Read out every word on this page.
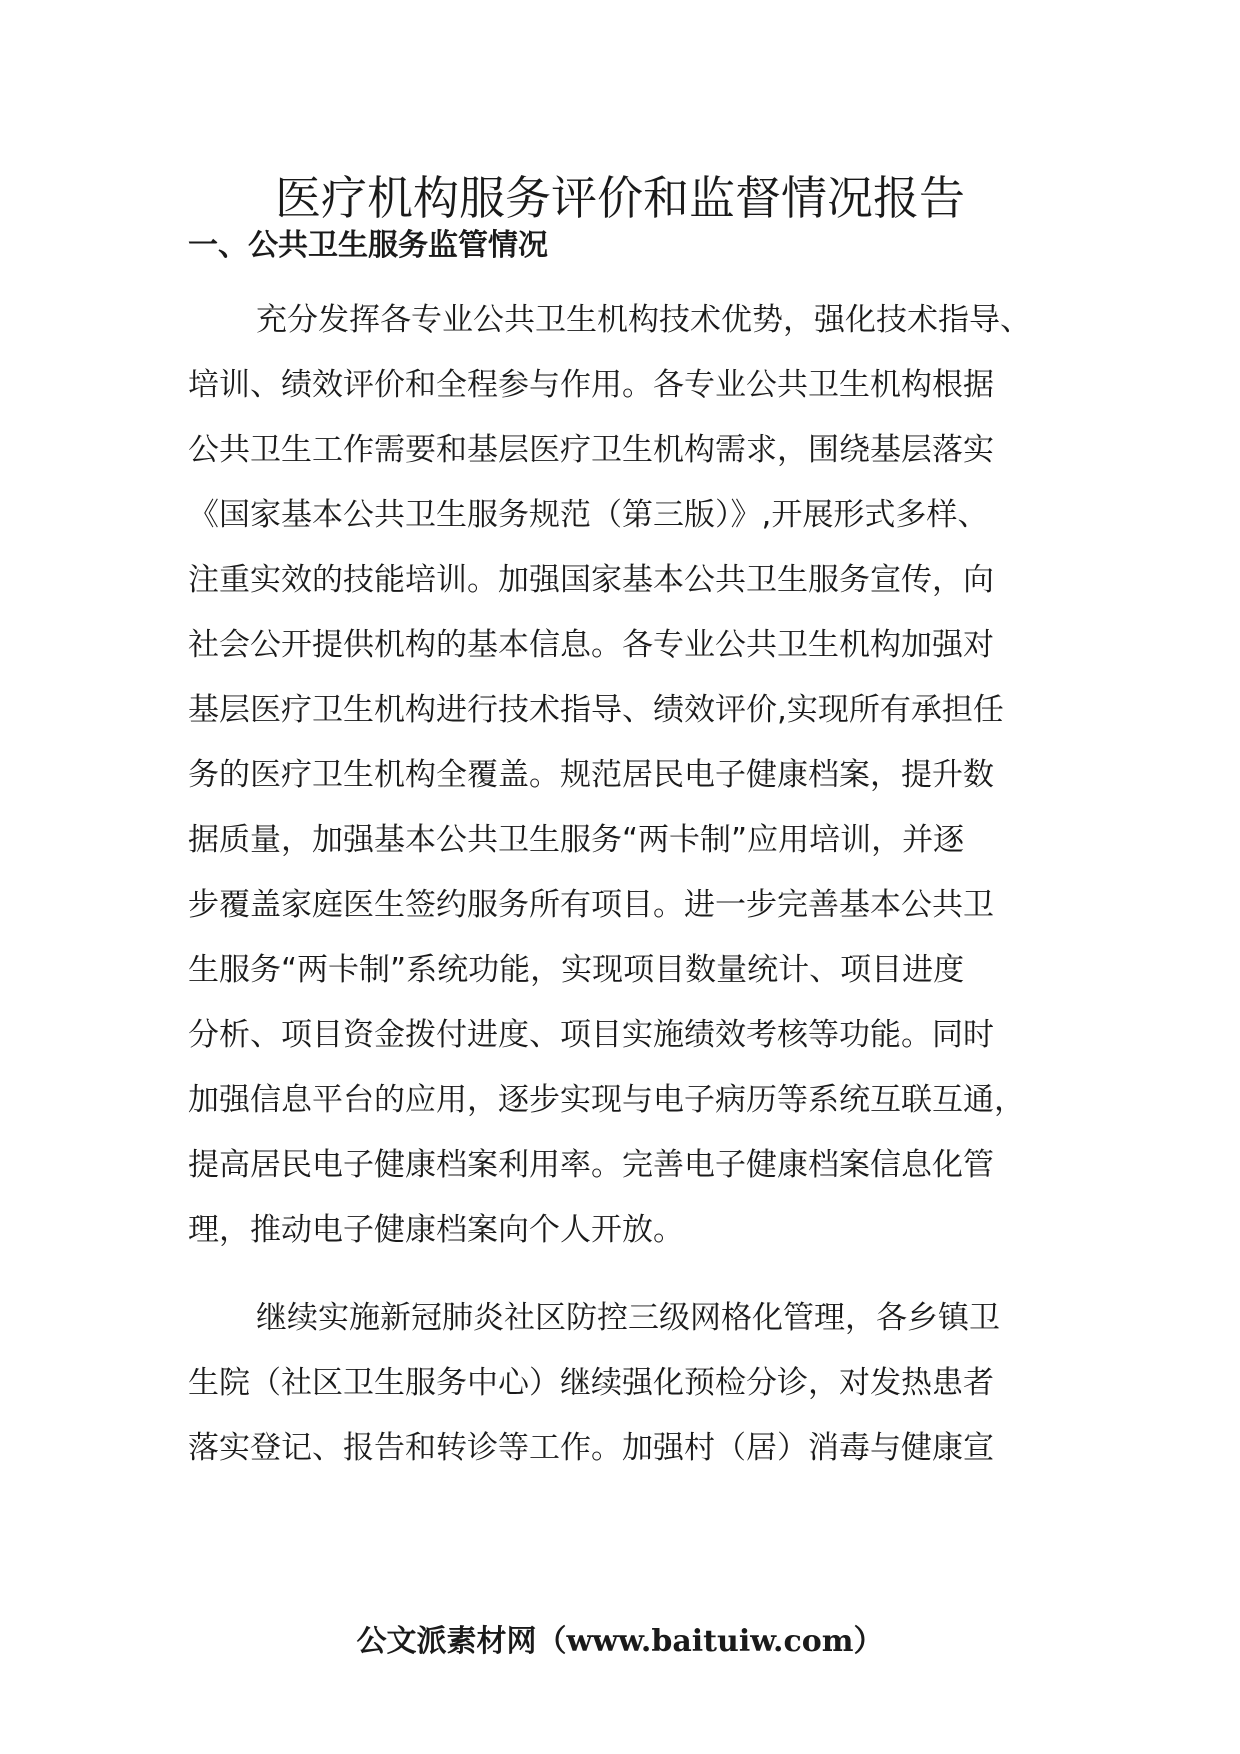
医疗机构服务评价和监督情况报告
一、公共卫生服务监管情况
充分发挥各专业公共卫生机构技术优势，强化技术指导、
培训、绩效评价和全程参与作用。各专业公共卫生机构根据
公共卫生工作需要和基层医疗卫生机构需求，围绕基层落实
《国家基本公共卫生服务规范（第三版）》,开展形式多样、
注重实效的技能培训。加强国家基本公共卫生服务宣传，向
社会公开提供机构的基本信息。各专业公共卫生机构加强对
基层医疗卫生机构进行技术指导、绩效评价,实现所有承担任
务的医疗卫生机构全覆盖。规范居民电子健康档案，提升数
据质量，加强基本公共卫生服务“两卡制”应用培训，并逐
步覆盖家庭医生签约服务所有项目。进一步完善基本公共卫
生服务“两卡制”系统功能，实现项目数量统计、项目进度
分析、项目资金拨付进度、项目实施绩效考核等功能。同时
加强信息平台的应用，逐步实现与电子病历等系统互联互通，
提高居民电子健康档案利用率。完善电子健康档案信息化管
理，推动电子健康档案向个人开放。
继续实施新冠肺炎社区防控三级网格化管理，各乡镇卫
生院（社区卫生服务中心）继续强化预检分诊，对发热患者
落实登记、报告和转诊等工作。加强村（居）消毒与健康宣
公文派素材网（www.baituiw.com）
